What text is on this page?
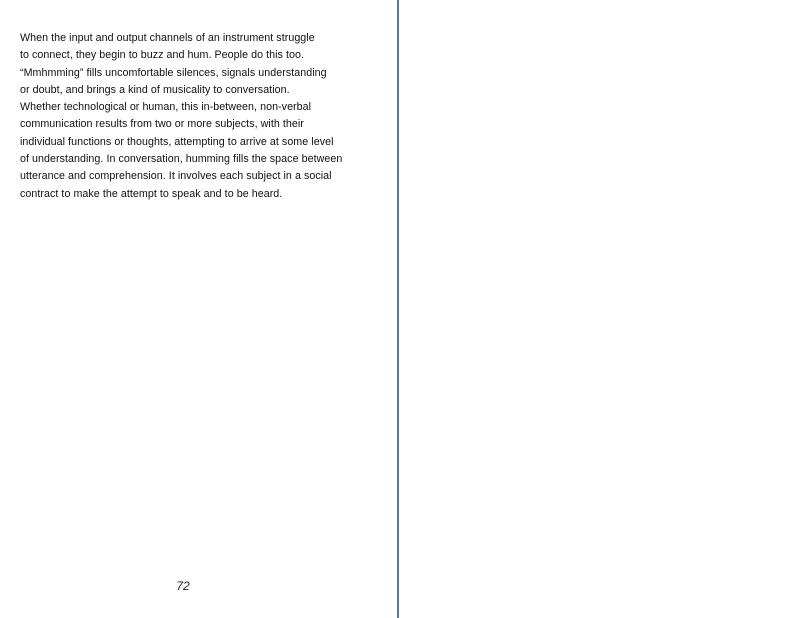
When the input and output channels of an instrument struggle
to connect, they begin to buzz and hum. People do this too.
“Mmhmming” fills uncomfortable silences, signals understanding
or doubt, and brings a kind of musicality to conversation.
Whether technological or human, this in-between, non-verbal
communication results from two or more subjects, with their
individual functions or thoughts, attempting to arrive at some level
of understanding. In conversation, humming fills the space between
utterance and comprehension. It involves each subject in a social
contract to make the attempt to speak and to be heard.

72
